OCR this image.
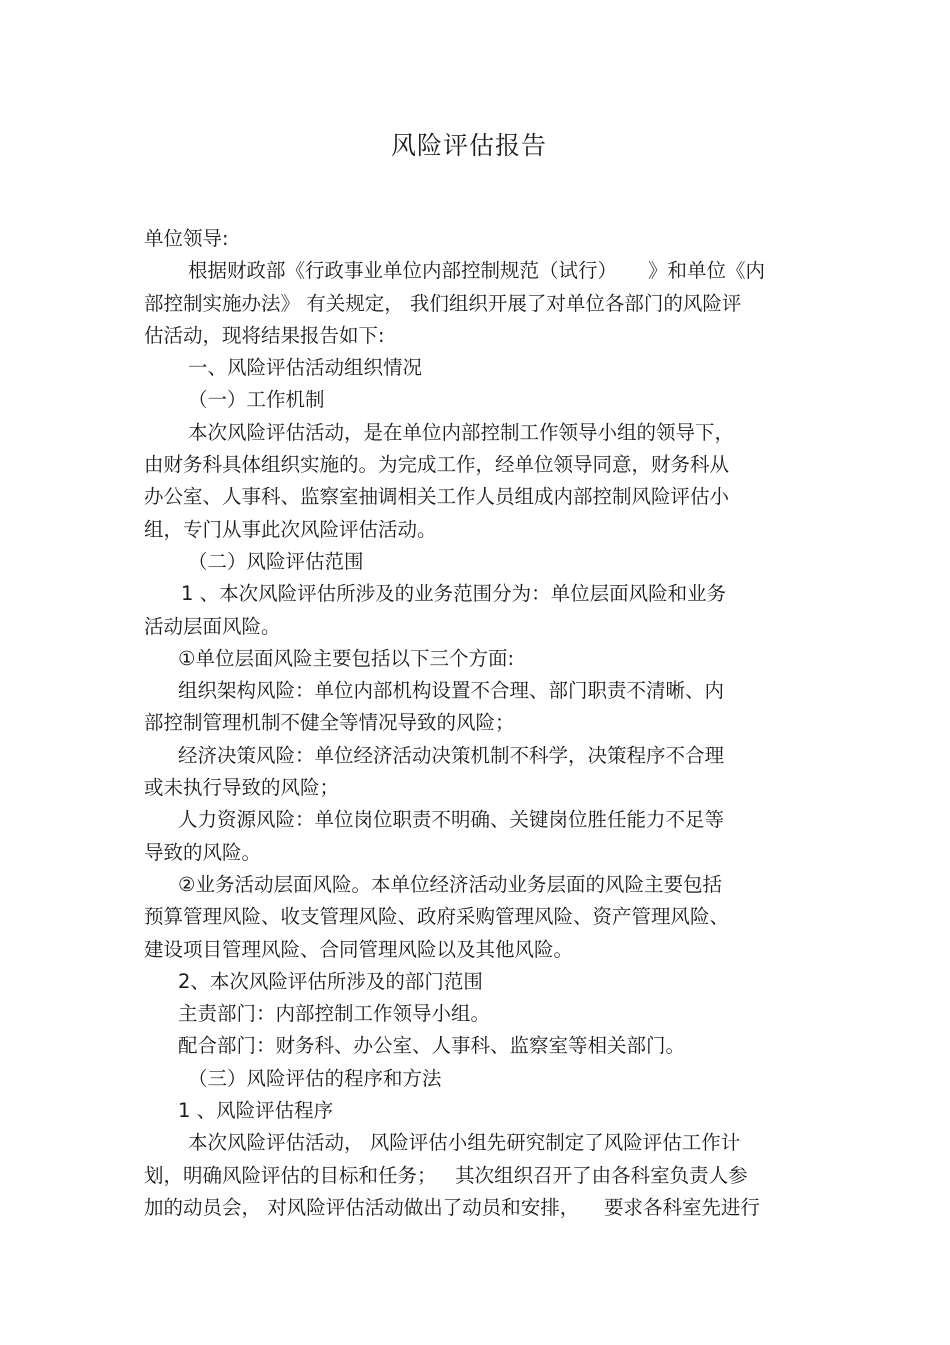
风险评估报告
单位领导:
根据财政部《行政事业单位内部控制规范（试行）     》和单位《内
部控制实施办法》 有关规定， 我们组织开展了对单位各部门的风险评
估活动，现将结果报告如下:
一、风险评估活动组织情况
（一）工作机制
本次风险评估活动，是在单位内部控制工作领导小组的领导下，
由财务科具体组织实施的。为完成工作，经单位领导同意，财务科从
办公室、人事科、监察室抽调相关工作人员组成内部控制风险评估小
组，专门从事此次风险评估活动。
（二）风险评估范围
1 、本次风险评估所涉及的业务范围分为：单位层面风险和业务
活动层面风险。
①单位层面风险主要包括以下三个方面:
组织架构风险：单位内部机构设置不合理、部门职责不清晰、内
部控制管理机制不健全等情况导致的风险；
经济决策风险：单位经济活动决策机制不科学，决策程序不合理
或未执行导致的风险；
人力资源风险：单位岗位职责不明确、关键岗位胜任能力不足等
导致的风险。
②业务活动层面风险。本单位经济活动业务层面的风险主要包括
预算管理风险、收支管理风险、政府采购管理风险、资产管理风险、
建设项目管理风险、合同管理风险以及其他风险。
2、本次风险评估所涉及的部门范围
主责部门：内部控制工作领导小组。
配合部门：财务科、办公室、人事科、监察室等相关部门。
（三）风险评估的程序和方法
1 、风险评估程序
本次风险评估活动， 风险评估小组先研究制定了风险评估工作计
划，明确风险评估的目标和任务；   其次组织召开了由各科室负责人参
加的动员会， 对风险评估活动做出了动员和安排，    要求各科室先进行
